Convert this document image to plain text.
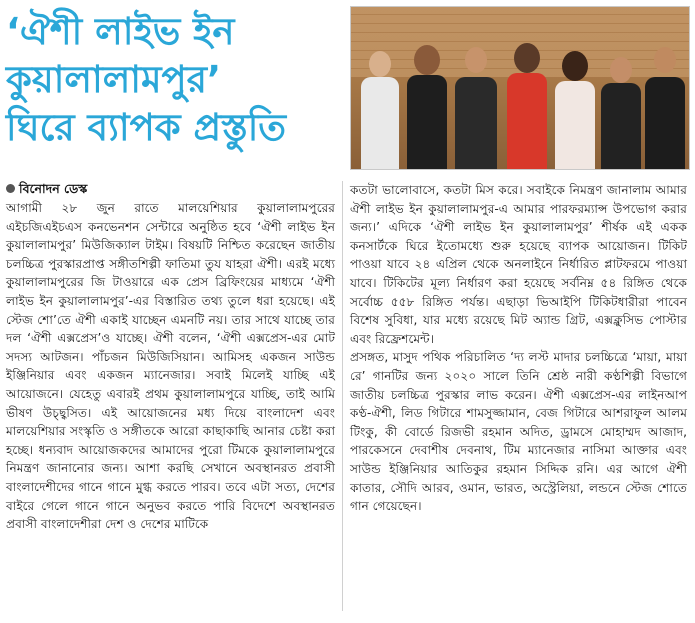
‘ঐশী লাইভ ইন
কুয়ালালামপুর’
ঘিরে ব্যাপক প্রস্তুতি
বিনোদন ডেস্ক

আগামী ২৮ জুন রাতে মালয়েশিয়ার কুয়ালালামপুরের এইচজিএইচএস কনভেনশন সেন্টারে অনুষ্ঠিত হবে ‘ঐশী লাইভ ইন কুয়ালালামপুর’ মিউজিক্যাল টাইম। বিষয়টি নিশ্চিত করেছেন জাতীয় চলচ্চিত্র পুরস্কারপ্রাপ্ত সঙ্গীতশিল্পী ফাতিমা তুয যাহরা ঐশী। এরই মধ্যে কুয়ালালামপুরের জি টাওয়ারে এক প্রেস ব্রিফিংয়ের মাধ্যমে ‘ঐশী লাইভ ইন কুয়ালালামপুর’-এর বিস্তারিত তথ্য তুলে ধরা হয়েছে। এই স্টেজ শো’তে ঐশী একাই যাচ্ছেন এমনটি নয়। তার সাথে যাচ্ছে তার দল ‘ঐশী এক্সপ্রেস’ও যাচ্ছে। ঐশী বলেন, ‘ঐশী এক্সপ্রেস-এর মোট সদস্য আটজন। পাঁচজন মিউজিসিয়ান। আমিসহ একজন সাউন্ড ইঞ্জিনিয়ার এবং একজন ম্যানেজার। সবাই মিলেই যাচ্ছি এই আয়োজনে। যেহেতু এবারই প্রথম কুয়ালালামপুরে যাচ্ছি, তাই আমি ভীষণ উচ্ছ্বসিত। এই আয়োজনের মধ্য দিয়ে বাংলাদেশ এবং মালয়েশিয়ার সংস্কৃতি ও সঙ্গীতকে আরো কাছাকাছি আনার চেষ্টা করা হচ্ছে। ধন্যবাদ আয়োজকদের আমাদের পুরো টিমকে কুয়ালালামপুরে নিমন্ত্রণ জানানোর জন্য। আশা করছি সেখানে অবস্থানরত প্রবাসী বাংলাদেশীদের গানে গানে মুগ্ধ করতে পারব। তবে এটা সত্য, দেশের বাইরে গেলে গানে গানে অনুভব করতে পারি বিদেশে অবস্থানরত প্রবাসী বাংলাদেশীরা দেশ ও দেশের মাটিকে

কতটা ভালোবাসে, কতটা মিস করে। সবাইকে নিমন্ত্রণ জানালাম আমার ঐশী লাইভ ইন কুয়ালালামপুর-এ আমার পারফরম্যান্স উপভোগ করার জন্য।’ এদিকে ‘ঐশী লাইভ ইন কুয়ালালামপুর’ শীর্ষক এই একক কনসার্টকে ঘিরে ইতোমধ্যে শুরু হয়েছে ব্যাপক আয়োজন। টিকিট পাওয়া যাবে ২৪ এপ্রিল থেকে অনলাইনে নির্ধারিত প্লাটফরমে পাওয়া যাবে। টিকিটের মূল্য নির্ধারণ করা হয়েছে সর্বনিম্ন ৫৪ রিঙ্গিত থেকে সর্বোচ্চ ৫৫৮ রিঙ্গিত পর্যন্ত। এছাড়া ভিআইপি টিকিটধারীরা পাবেন বিশেষ সুবিধা, যার মধ্যে রয়েছে মিট অ্যান্ড গ্রিট, এক্সক্লুসিভ পোস্টার এবং রিফ্রেশমেন্ট।

প্রসঙ্গত, মাসুদ পথিক পরিচালিত ‘দ্য লস্ট মাদার চলচ্চিত্রে ‘মায়া, মায়া রে’ গানটির জন্য ২০২০ সালে তিনি শ্রেষ্ঠ নারী কণ্ঠশিল্পী বিভাগে জাতীয় চলচ্চিত্র পুরস্কার লাভ করেন। ঐশী এক্সপ্রেস-এর লাইনআপ কণ্ঠ-ঐশী, লিড গিটারে শামসুজ্জামান, বেজ গিটারে আশরাফুল আলম টিংকু, কী বোর্ডে রিজভী রহমান অদিত, ড্রামসে মোহাম্মদ আজাদ, পারকেসনে দেবাশীষ দেবনাথ, টিম ম্যানেজার নাসিমা আক্তার এবং সাউন্ড ইঞ্জিনিয়ার আতিকুর রহমান সিদ্দিক রনি। এর আগে ঐশী কাতার, সৌদি আরব, ওমান, ভারত, অস্ট্রেলিয়া, লন্ডনে স্টেজ শোতে গান গেয়েছেন।
